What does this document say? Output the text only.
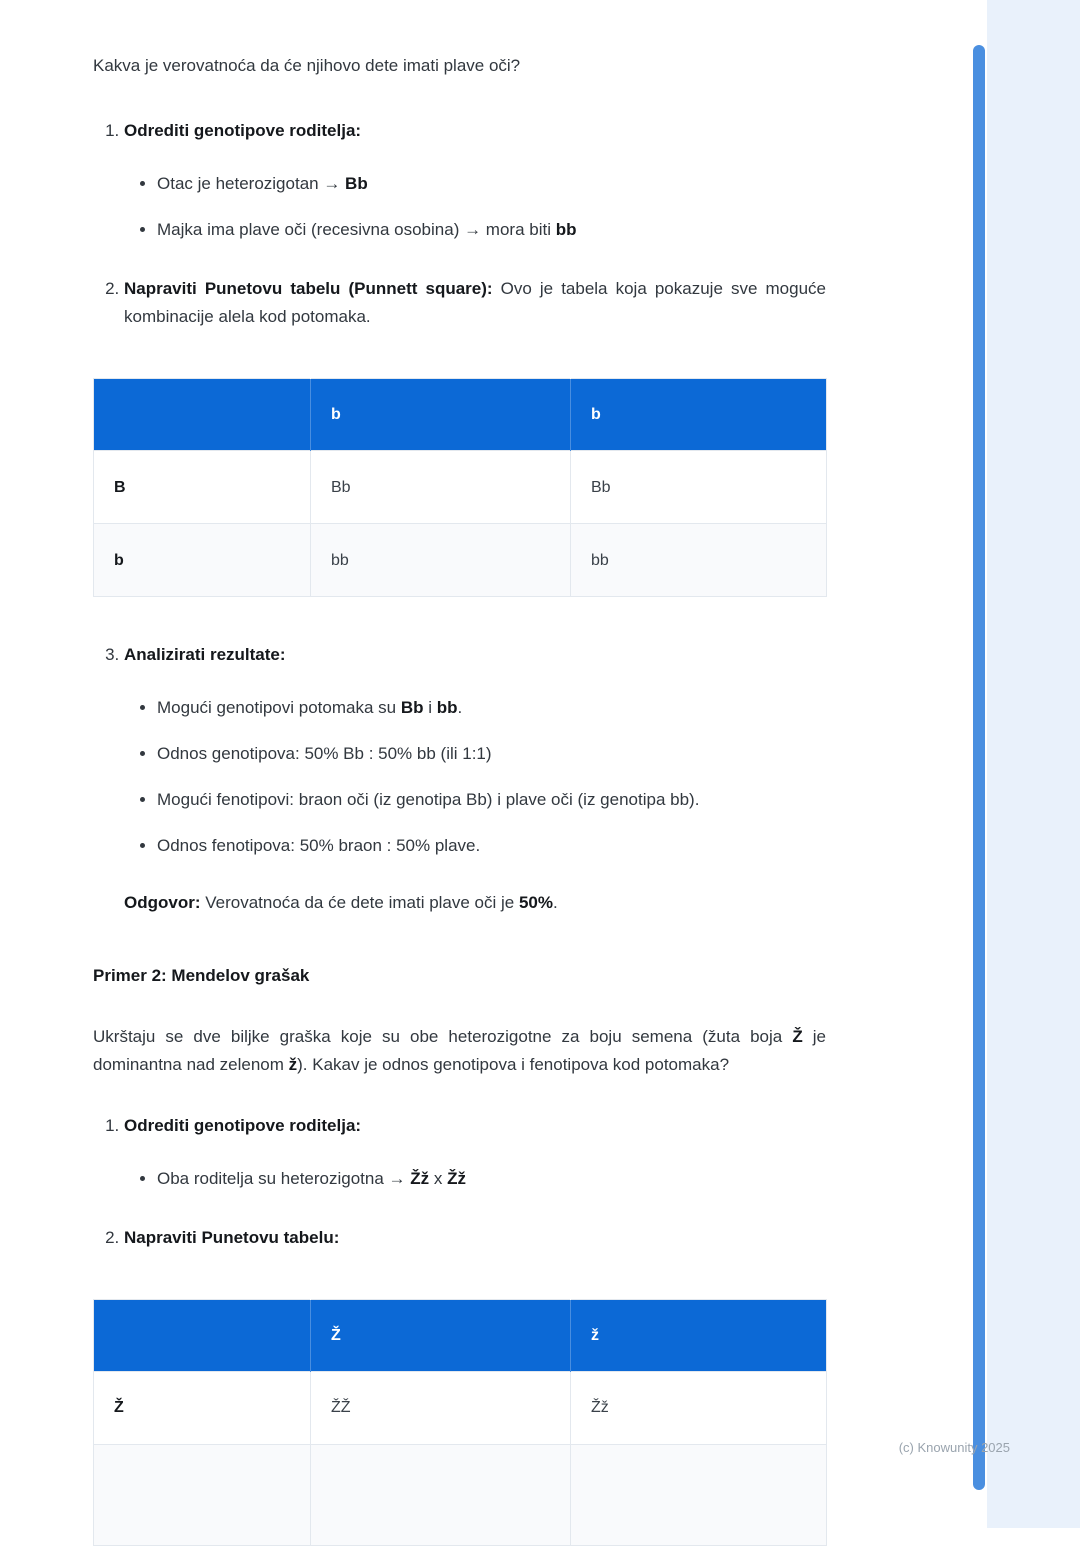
(c) Knowunity 2025

Kakva je verovatnoća da će njihovo dete imati plave oči?

1. Odrediti genotipove roditelja:
• Otac je heterozigotan → Bb
• Majka ima plave oči (recesivna osobina) → mora biti bb
2. Napraviti Punetovu tabelu (Punnett square): Ovo je tabela koja pokazuje sve moguće kombinacije alela kod potomaka.
	b	b
B	Bb	Bb
b	bb	bb
3. Analizirati rezultate:
• Mogući genotipovi potomaka su Bb i bb.
• Odnos genotipova: 50% Bb : 50% bb (ili 1:1)
• Mogući fenotipovi: braon oči (iz genotipa Bb) i plave oči (iz genotipa bb).
• Odnos fenotipova: 50% braon : 50% plave.

Odgovor: Verovatnoća da će dete imati plave oči je 50%.

Primer 2: Mendelov grašak

Ukrštaju se dve biljke graška koje su obe heterozigotne za boju semena (žuta boja Ž je dominantna nad zelenom ž). Kakav je odnos genotipova i fenotipova kod potomaka?

1. Odrediti genotipove roditelja:
• Oba roditelja su heterozigotna → Žž x Žž
2. Napraviti Punetovu tabelu:
	Ž	ž
Ž	ŽŽ	Žž
